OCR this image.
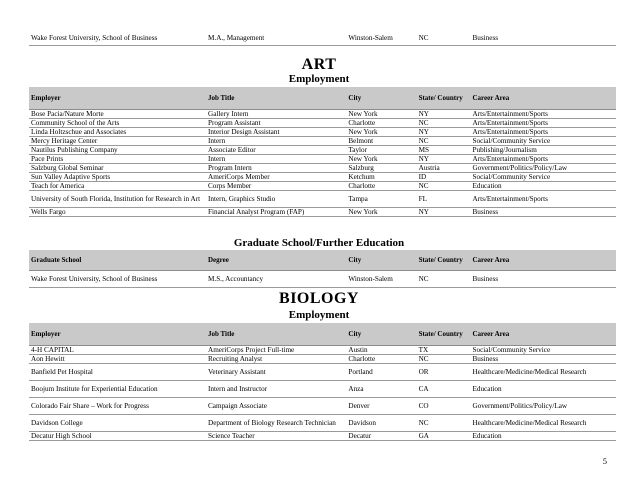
Wake Forest University, School of Business	M.A., Management	Winston-Salem	NC	Business
ART
Employment
Employer	Job Title	City	State/ Country	Career Area
Bose Pacia/Nature Morte	Gallery Intern	New York	NY	Arts/Entertainment/Sports
Community School of the Arts	Program Assistant	Charlotte	NC	Arts/Entertainment/Sports
Linda Holtzschue and Associates	Interior Design Assistant	New York	NY	Arts/Entertainment/Sports
Mercy Heritage Center	Intern	Belmont	NC	Social/Community Service
Nautilus Publishing Company	Associate Editor	Taylor	MS	Publishing/Journalism
Pace Prints	Intern	New York	NY	Arts/Entertainment/Sports
Salzburg Global Seminar	Program Intern	Salzburg	Austria	Government/Politics/Policy/Law
Sun Valley Adaptive Sports	AmeriCorps Member	Ketchum	ID	Social/Community Service
Teach for America	Corps Member	Charlotte	NC	Education
University of South Florida, Institution for Research in Art	Intern, Graphics Studio	Tampa	FL	Arts/Entertainment/Sports
Wells Fargo	Financial Analyst Program (FAP)	New York	NY	Business
Graduate School/Further Education
Graduate School	Degree	City	State/ Country	Career Area
Wake Forest University, School of Business	M.S., Accountancy	Winston-Salem	NC	Business
BIOLOGY
Employment
Employer	Job Title	City	State/ Country	Career Area
4-H CAPITAL	AmeriCorps Project Full-time	Austin	TX	Social/Community Service
Aon Hewitt	Recruiting Analyst	Charlotte	NC	Business
Banfield Pet Hospital	Veterinary Assistant	Portland	OR	Healthcare/Medicine/Medical Research
Boojum Institute for Experiential Education	Intern and Instructor	Anza	CA	Education
Colorado Fair Share – Work for Progress	Campaign Associate	Denver	CO	Government/Politics/Policy/Law
Davidson College	Department of Biology Research Technician	Davidson	NC	Healthcare/Medicine/Medical Research
Decatur High School	Science Teacher	Decatur	GA	Education
5
